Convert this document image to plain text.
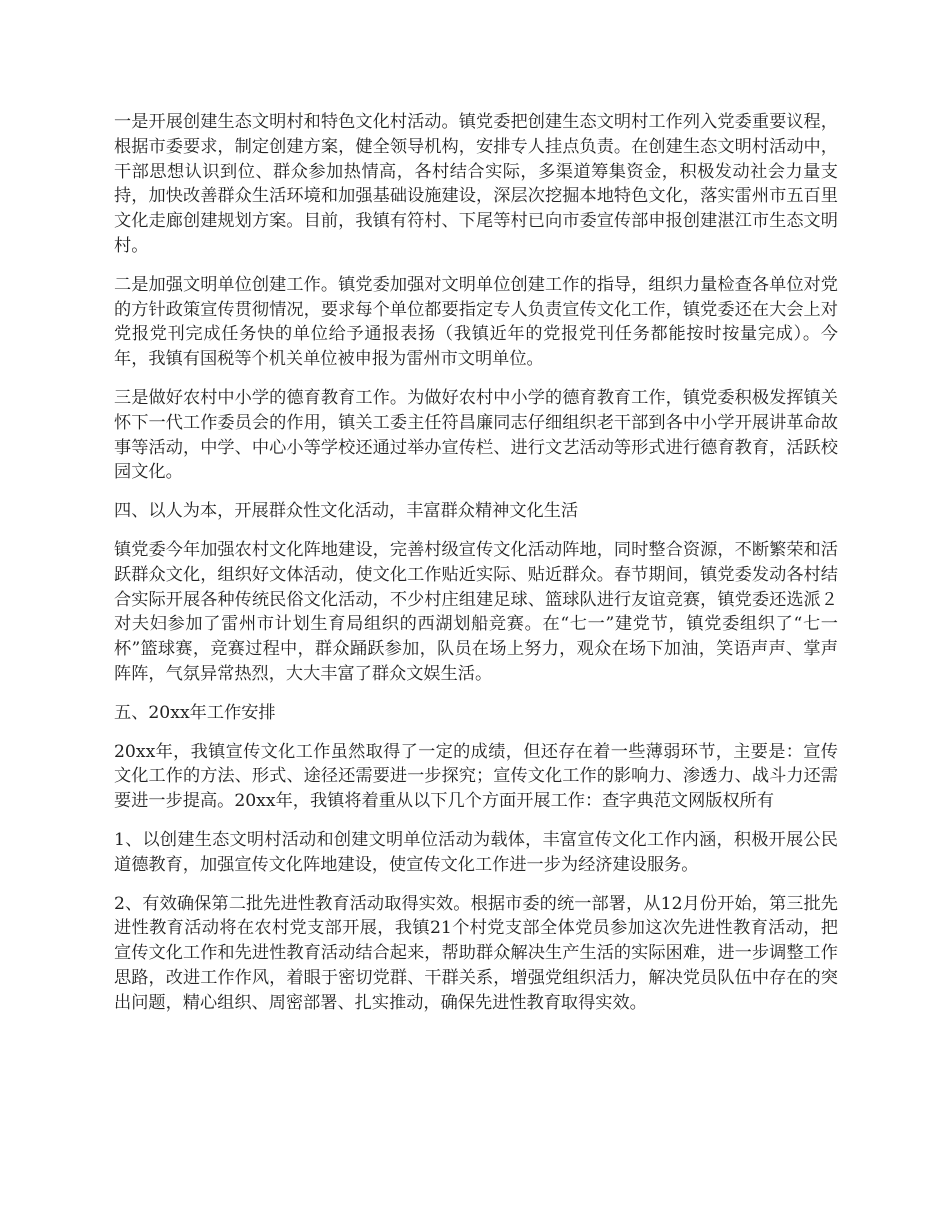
一是开展创建生态文明村和特色文化村活动。镇党委把创建生态文明村工作列入党委重要议程，根据市委要求，制定创建方案，健全领导机构，安排专人挂点负责。在创建生态文明村活动中，干部思想认识到位、群众参加热情高，各村结合实际，多渠道筹集资金，积极发动社会力量支持，加快改善群众生活环境和加强基础设施建设，深层次挖掘本地特色文化，落实雷州市五百里文化走廊创建规划方案。目前，我镇有符村、下尾等村已向市委宣传部申报创建湛江市生态文明村。

二是加强文明单位创建工作。镇党委加强对文明单位创建工作的指导，组织力量检查各单位对党的方针政策宣传贯彻情况，要求每个单位都要指定专人负责宣传文化工作，镇党委还在大会上对党报党刊完成任务快的单位给予通报表扬（我镇近年的党报党刊任务都能按时按量完成）。今年，我镇有国税等个机关单位被申报为雷州市文明单位。

三是做好农村中小学的德育教育工作。为做好农村中小学的德育教育工作，镇党委积极发挥镇关怀下一代工作委员会的作用，镇关工委主任符昌廉同志仔细组织老干部到各中小学开展讲革命故事等活动，中学、中心小等学校还通过举办宣传栏、进行文艺活动等形式进行德育教育，活跃校园文化。

四、以人为本，开展群众性文化活动，丰富群众精神文化生活

镇党委今年加强农村文化阵地建设，完善村级宣传文化活动阵地，同时整合资源，不断繁荣和活跃群众文化，组织好文体活动，使文化工作贴近实际、贴近群众。春节期间，镇党委发动各村结合实际开展各种传统民俗文化活动，不少村庄组建足球、篮球队进行友谊竞赛，镇党委还选派２对夫妇参加了雷州市计划生育局组织的西湖划船竞赛。在“七一”建党节，镇党委组织了“七一杯”篮球赛，竞赛过程中，群众踊跃参加，队员在场上努力，观众在场下加油，笑语声声、掌声阵阵，气氛异常热烈，大大丰富了群众文娱生活。

五、20xx年工作安排

20xx年，我镇宣传文化工作虽然取得了一定的成绩，但还存在着一些薄弱环节，主要是：宣传文化工作的方法、形式、途径还需要进一步探究；宣传文化工作的影响力、渗透力、战斗力还需要进一步提高。20xx年，我镇将着重从以下几个方面开展工作：查字典范文网版权所有

1、以创建生态文明村活动和创建文明单位活动为载体，丰富宣传文化工作内涵，积极开展公民道德教育，加强宣传文化阵地建设，使宣传文化工作进一步为经济建设服务。

2、有效确保第二批先进性教育活动取得实效。根据市委的统一部署，从12月份开始，第三批先进性教育活动将在农村党支部开展，我镇21个村党支部全体党员参加这次先进性教育活动，把宣传文化工作和先进性教育活动结合起来，帮助群众解决生产生活的实际困难，进一步调整工作思路，改进工作作风，着眼于密切党群、干群关系，增强党组织活力，解决党员队伍中存在的突出问题，精心组织、周密部署、扎实推动，确保先进性教育取得实效。
